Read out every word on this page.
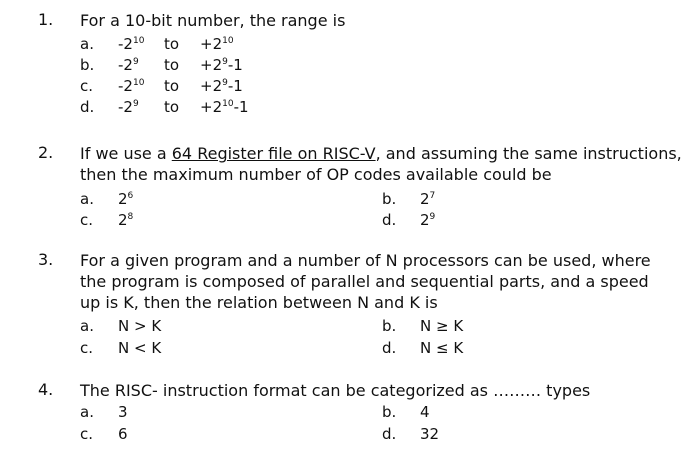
1. For a 10-bit number, the range is
a.	$-2^{10}$	to	$+2^{10}$
b.	$-2^9$	to	$+2^9-1$
c.	$-2^{10}$	to	$+2^9-1$
d.	$-2^9$	to	$+2^{10}-1$
2. If we use a 64 Register file on RISC-V, and assuming the same instructions, then the maximum number of OP codes available could be
a. $2^6$	b. $2^7$
c. $2^8$	d. $2^9$
3. For a given program and a number of N processors can be used, where the program is composed of parallel and sequential parts, and a speed up is K, then the relation between N and K is
a. N > K	b. N ≥ K
c. N < K	d. N ≤ K
4. The RISC- instruction format can be categorized as ……… types
a. 3	b. 4
c. 6	d. 32
